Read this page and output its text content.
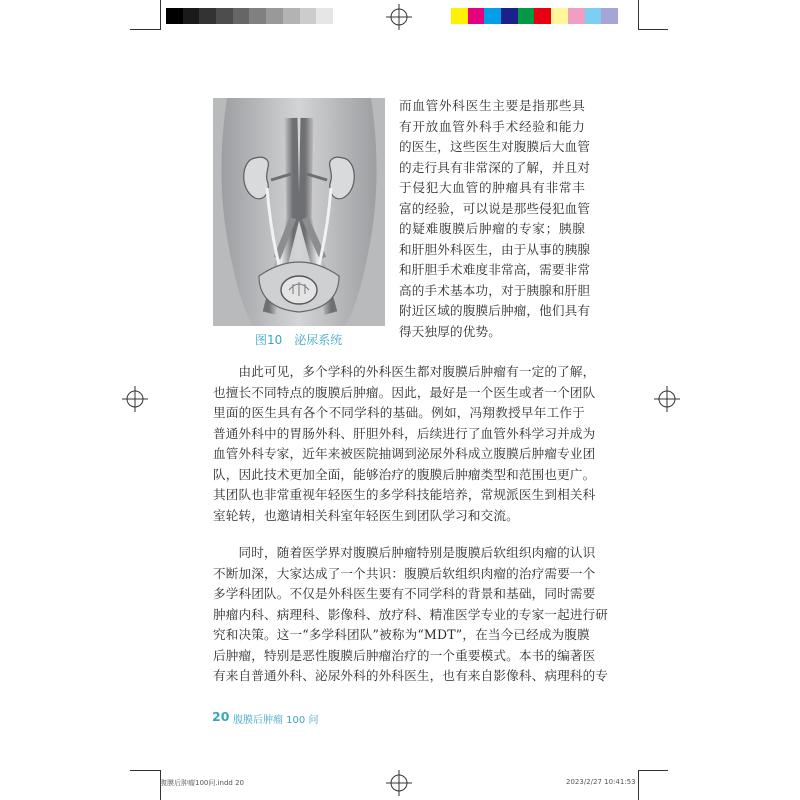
图10　泌尿系统
而血管外科医生主要是指那些具
有开放血管外科手术经验和能力
的医生，这些医生对腹膜后大血管
的走行具有非常深的了解，并且对
于侵犯大血管的肿瘤具有非常丰
富的经验，可以说是那些侵犯血管
的疑难腹膜后肿瘤的专家；胰腺
和肝胆外科医生，由于从事的胰腺
和肝胆手术难度非常高，需要非常
高的手术基本功，对于胰腺和肝胆
附近区域的腹膜后肿瘤，他们具有
得天独厚的优势。
　　由此可见，多个学科的外科医生都对腹膜后肿瘤有一定的了解，
也擅长不同特点的腹膜后肿瘤。因此，最好是一个医生或者一个团队
里面的医生具有各个不同学科的基础。例如，冯翔教授早年工作于
普通外科中的胃肠外科、肝胆外科，后续进行了血管外科学习并成为
血管外科专家，近年来被医院抽调到泌尿外科成立腹膜后肿瘤专业团
队，因此技术更加全面，能够治疗的腹膜后肿瘤类型和范围也更广。
其团队也非常重视年轻医生的多学科技能培养，常规派医生到相关科
室轮转，也邀请相关科室年轻医生到团队学习和交流。
　　同时，随着医学界对腹膜后肿瘤特别是腹膜后软组织肉瘤的认识
不断加深，大家达成了一个共识：腹膜后软组织肉瘤的治疗需要一个
多学科团队。不仅是外科医生要有不同学科的背景和基础，同时需要
肿瘤内科、病理科、影像科、放疗科、精准医学专业的专家一起进行研
究和决策。这一“多学科团队”被称为“MDT”，在当今已经成为腹膜
后肿瘤，特别是恶性腹膜后肿瘤治疗的一个重要模式。本书的编著医
有来自普通外科、泌尿外科的外科医生，也有来自影像科、病理科的专
20 腹膜后肿瘤 100 问
腹膜后肿瘤100问.indd 20	2023/2/27 10:41:53
